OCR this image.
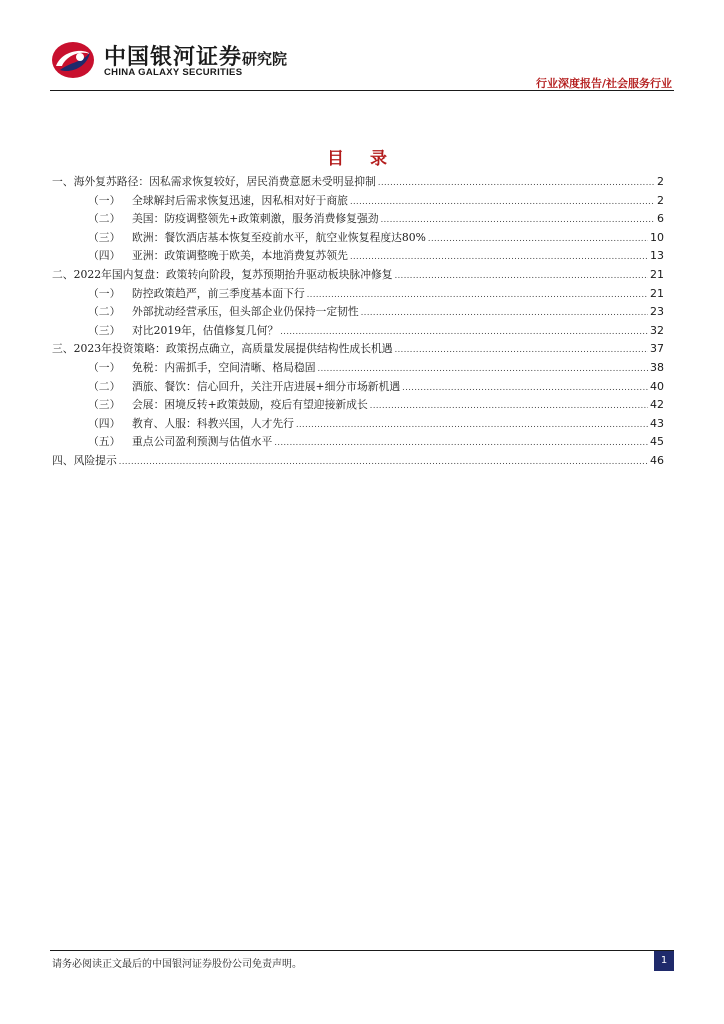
中国银河证券 研究院
CHINA GALAXY SECURITIES
行业深度报告/社会服务行业
目 录
一、 海外复苏路径：因私需求恢复较好，居民消费意愿未受明显抑制 .....	2
（一）	全球解封后需求恢复迅速，因私相对好于商旅 .....	2
（二）	美国：防疫调整领先+政策刺激，服务消费修复强劲 .....	6
（三）	欧洲：餐饮酒店基本恢复至疫前水平，航空业恢复程度达80% .....	10
（四）	亚洲：政策调整晚于欧美，本地消费复苏领先 .....	13
二、 2022年国内复盘：政策转向阶段，复苏预期抬升驱动板块脉冲修复 .....	21
（一）	防控政策趋严，前三季度基本面下行 .....	21
（二）	外部扰动经营承压，但头部企业仍保持一定韧性 .....	23
（三）	对比2019年，估值修复几何？ .....	32
三、 2023年投资策略：政策拐点确立，高质量发展提供结构性成长机遇 .....	37
（一）	免税：内需抓手，空间清晰、格局稳固 .....	38
（二）	酒旅、餐饮：信心回升，关注开店进展+细分市场新机遇 .....	40
（三）	会展：困境反转+政策鼓励，疫后有望迎接新成长 .....	42
（四）	教育、人服：科教兴国，人才先行 .....	43
（五）	重点公司盈利预测与估值水平 .....	45
四、 风险提示 .....	46
请务必阅读正文最后的中国银河证券股份公司免责声明。	1
